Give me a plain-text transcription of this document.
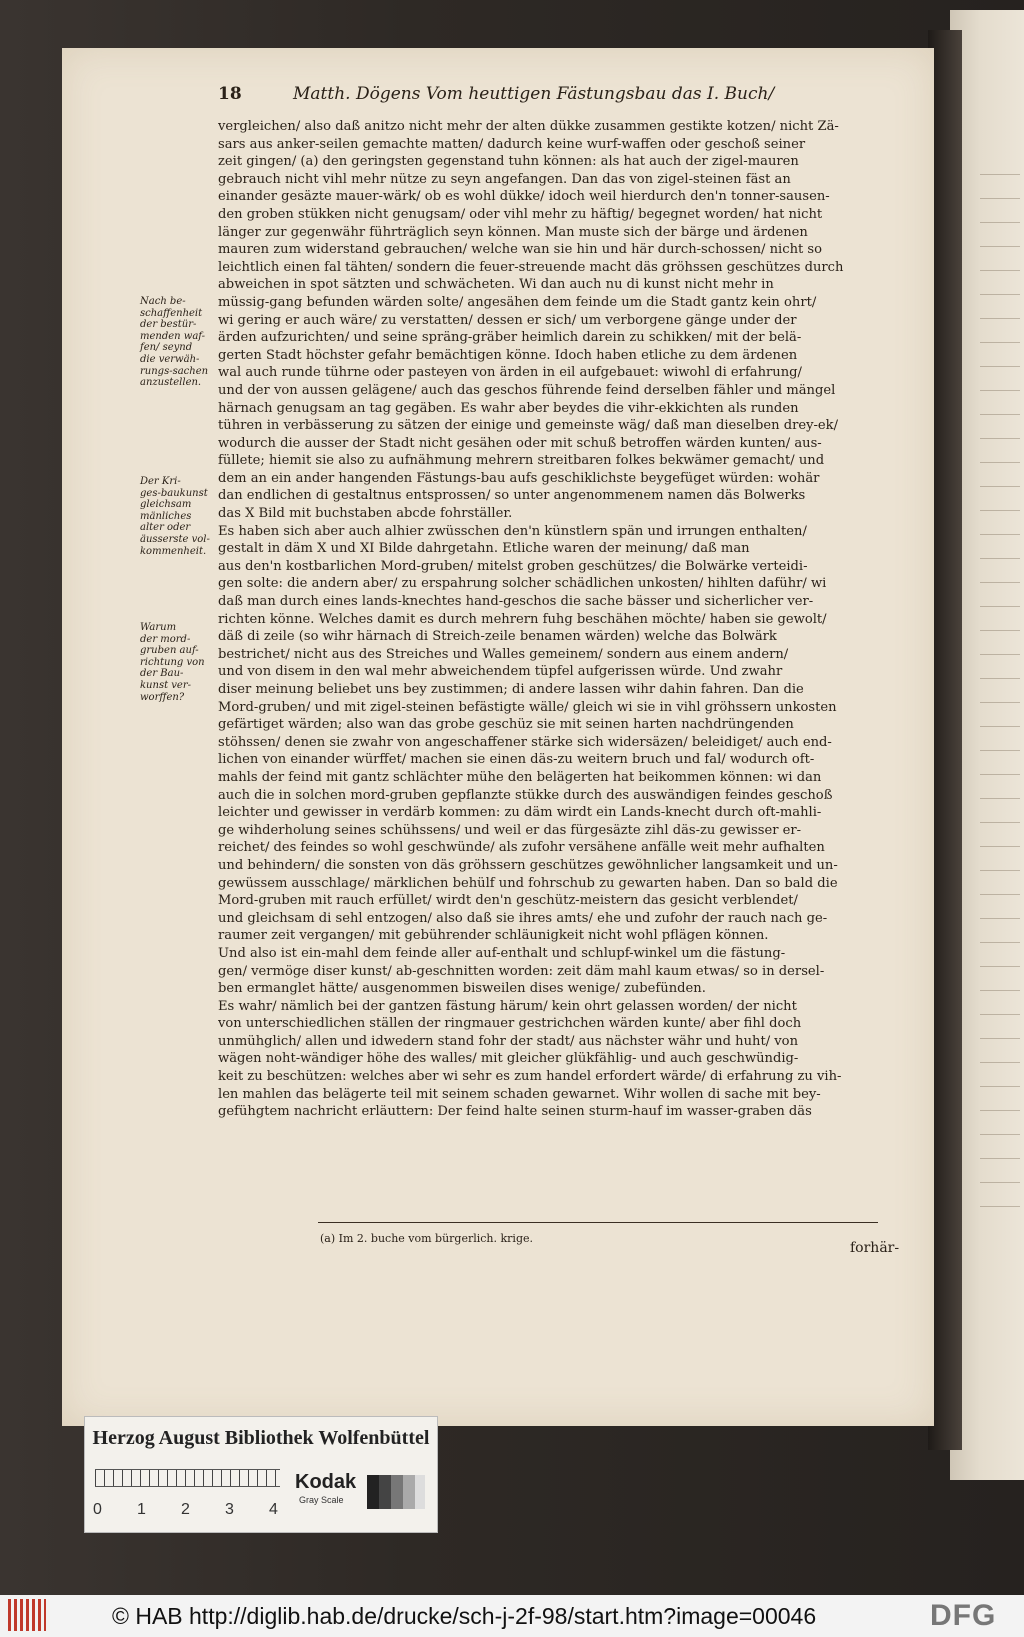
18	Matth. Dögens Vom heuttigen Fästungsbau das I. Buch/
Nach be-
schaffenheit
der bestür-
menden waf-
fen/ seynd
die verwäh-
rungs-sachen
anzustellen.
Der Kri-
ges-baukunst
gleichsam
mänliches
alter oder
äusserste vol-
kommenheit.
Warum
der mord-
gruben auf-
richtung von
der Bau-
kunst ver-
worffen?
vergleichen/ also daß anitzo nicht mehr der alten dükke zusammen gestikte kotzen/ nicht Zä-
sars aus anker-seilen gemachte matten/ dadurch keine wurf-waffen oder geschoß seiner
zeit gingen/ (a) den geringsten gegenstand tuhn können: als hat auch der zigel-mauren
gebrauch nicht vihl mehr nütze zu seyn angefangen. Dan das von zigel-steinen fäst an
einander gesäzte mauer-wärk/ ob es wohl dükke/ idoch weil hierdurch den'n tonner-sausen-
den groben stükken nicht genugsam/ oder vihl mehr zu häftig/ begegnet worden/ hat nicht
länger zur gegenwähr führträglich seyn können. Man muste sich der bärge und ärdenen
mauren zum widerstand gebrauchen/ welche wan sie hin und här durch-schossen/ nicht so
leichtlich einen fal tähten/ sondern die feuer-streuende macht däs gröhssen geschützes durch
abweichen in spot sätzten und schwächeten. Wi dan auch nu di kunst nicht mehr in
müssig-gang befunden wärden solte/ angesähen dem feinde um die Stadt gantz kein ohrt/
wi gering er auch wäre/ zu verstatten/ dessen er sich/ um verborgene gänge under der
ärden aufzurichten/ und seine spräng-gräber heimlich darein zu schikken/ mit der belä-
gerten Stadt höchster gefahr bemächtigen könne. Idoch haben etliche zu dem ärdenen
wal auch runde tührne oder pasteyen von ärden in eil aufgebauet: wiwohl di erfahrung/
und der von aussen gelägene/ auch das geschos führende feind derselben fähler und mängel
härnach genugsam an tag gegäben. Es wahr aber beydes die vihr-ekkichten als runden
tühren in verbässerung zu sätzen der einige und gemeinste wäg/ daß man dieselben drey-ek/
wodurch die ausser der Stadt nicht gesähen oder mit schuß betroffen wärden kunten/ aus-
füllete; hiemit sie also zu aufnähmung mehrern streitbaren folkes bekwämer gemacht/ und
dem an ein ander hangenden Fästungs-bau aufs geschiklichste beygefüget würden: wohär
dan endlichen di gestaltnus entsprossen/ so unter angenommenem namen däs Bolwerks
das X Bild mit buchstaben abcde fohrställer.
Es haben sich aber auch alhier zwüsschen den'n künstlern spän und irrungen enthalten/
gestalt in däm X und XI Bilde dahrgetahn. Etliche waren der meinung/ daß man
aus den'n kostbarlichen Mord-gruben/ mitelst groben geschützes/ die Bolwärke verteidi-
gen solte: die andern aber/ zu erspahrung solcher schädlichen unkosten/ hihlten daführ/ wi
daß man durch eines lands-knechtes hand-geschos die sache bässer und sicherlicher ver-
richten könne. Welches damit es durch mehrern fuhg beschähen möchte/ haben sie gewolt/
däß di zeile (so wihr härnach di Streich-zeile benamen wärden) welche das Bolwärk
bestrichet/ nicht aus des Streiches und Walles gemeinem/ sondern aus einem andern/
und von disem in den wal mehr abweichendem tüpfel aufgerissen würde. Und zwahr
diser meinung beliebet uns bey zustimmen; di andere lassen wihr dahin fahren. Dan die
Mord-gruben/ und mit zigel-steinen befästigte wälle/ gleich wi sie in vihl gröhssern unkosten
gefärtiget wärden; also wan das grobe geschüz sie mit seinen harten nachdrüngenden
stöhssen/ denen sie zwahr von angeschaffener stärke sich widersäzen/ beleidiget/ auch end-
lichen von einander würffet/ machen sie einen däs-zu weitern bruch und fal/ wodurch oft-
mahls der feind mit gantz schlächter mühe den belägerten hat beikommen können: wi dan
auch die in solchen mord-gruben gepflanzte stükke durch des auswändigen feindes geschoß
leichter und gewisser in verdärb kommen: zu däm wirdt ein Lands-knecht durch oft-mahli-
ge wihderholung seines schühssens/ und weil er das fürgesäzte zihl däs-zu gewisser er-
reichet/ des feindes so wohl geschwünde/ als zufohr versähene anfälle weit mehr aufhalten
und behindern/ die sonsten von däs gröhssern geschützes gewöhnlicher langsamkeit und un-
gewüssem ausschlage/ märklichen behülf und fohrschub zu gewarten haben. Dan so bald die
Mord-gruben mit rauch erfüllet/ wirdt den'n geschütz-meistern das gesicht verblendet/
und gleichsam di sehl entzogen/ also daß sie ihres amts/ ehe und zufohr der rauch nach ge-
raumer zeit vergangen/ mit gebührender schläunigkeit nicht wohl pflägen können.
Und also ist ein-mahl dem feinde aller auf-enthalt und schlupf-winkel um die fästung-
gen/ vermöge diser kunst/ ab-geschnitten worden: zeit däm mahl kaum etwas/ so in dersel-
ben ermanglet hätte/ ausgenommen bisweilen dises wenige/ zubefünden.
Es wahr/ nämlich bei der gantzen fästung härum/ kein ohrt gelassen worden/ der nicht
von unterschiedlichen ställen der ringmauer gestrichchen wärden kunte/ aber fihl doch
unmühglich/ allen und idwedern stand fohr der stadt/ aus nächster währ und huht/ von
wägen noht-wändiger höhe des walles/ mit gleicher glükfählig- und auch geschwündig-
keit zu beschützen: welches aber wi sehr es zum handel erfordert wärde/ di erfahrung zu vih-
len mahlen das belägerte teil mit seinem schaden gewarnet. Wihr wollen di sache mit bey-
gefühgtem nachricht erläuttern: Der feind halte seinen sturm-hauf im wasser-graben däs
(a) Im 2. buche vom bürgerlich. krige.
forhär-
Herzog August Bibliothek Wolfenbüttel
0 1 2 3 4
Kodak
Gray Scale
© HAB http://diglib.hab.de/drucke/sch-j-2f-98/start.htm?image=00046	DFG
